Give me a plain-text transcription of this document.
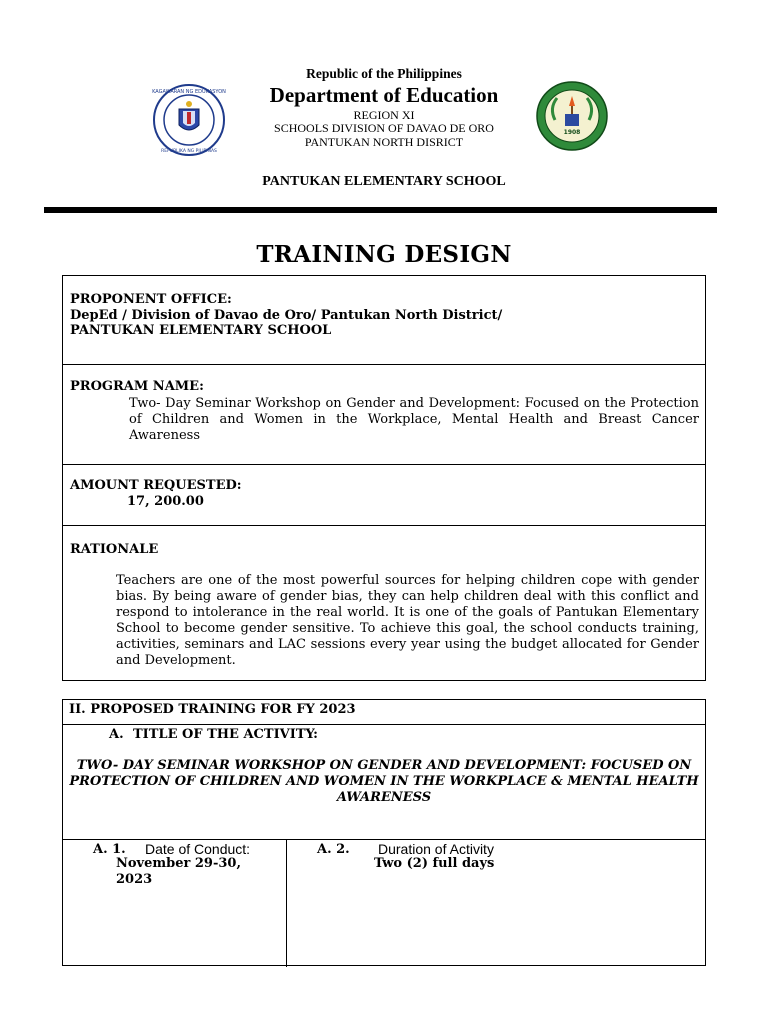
KAGAWARAN NG EDUKASYON
REPUBLIKA NG PILIPINAS
1908
Republic of the Philippines
Department of Education
REGION XI
SCHOOLS DIVISION OF DAVAO DE ORO
PANTUKAN NORTH DISRICT
PANTUKAN ELEMENTARY SCHOOL
TRAINING DESIGN
PROPONENT OFFICE:
DepEd / Division of Davao de Oro/ Pantukan North District/
PANTUKAN ELEMENTARY SCHOOL
PROGRAM NAME:
Two- Day Seminar Workshop on Gender and Development: Focused on the Protection of Children and Women in the Workplace, Mental Health and Breast Cancer Awareness
AMOUNT REQUESTED:
17, 200.00
RATIONALE
Teachers are one of the most powerful sources for helping children cope with gender bias. By being aware of gender bias, they can help children deal with this conflict and respond to intolerance in the real world. It is one of the goals of Pantukan Elementary School to become gender sensitive. To achieve this goal, the school conducts training, activities, seminars and LAC sessions every year using the budget allocated for Gender and Development.
II. PROPOSED TRAINING FOR FY 2023
A. TITLE OF THE ACTIVITY:
TWO- DAY SEMINAR WORKSHOP ON GENDER AND DEVELOPMENT: FOCUSED ON PROTECTION OF CHILDREN AND WOMEN IN THE WORKPLACE & MENTAL HEALTH AWARENESS
A. 1. Date of Conduct:
November 29-30,
2023
A. 2. Duration of Activity
Two (2) full days
